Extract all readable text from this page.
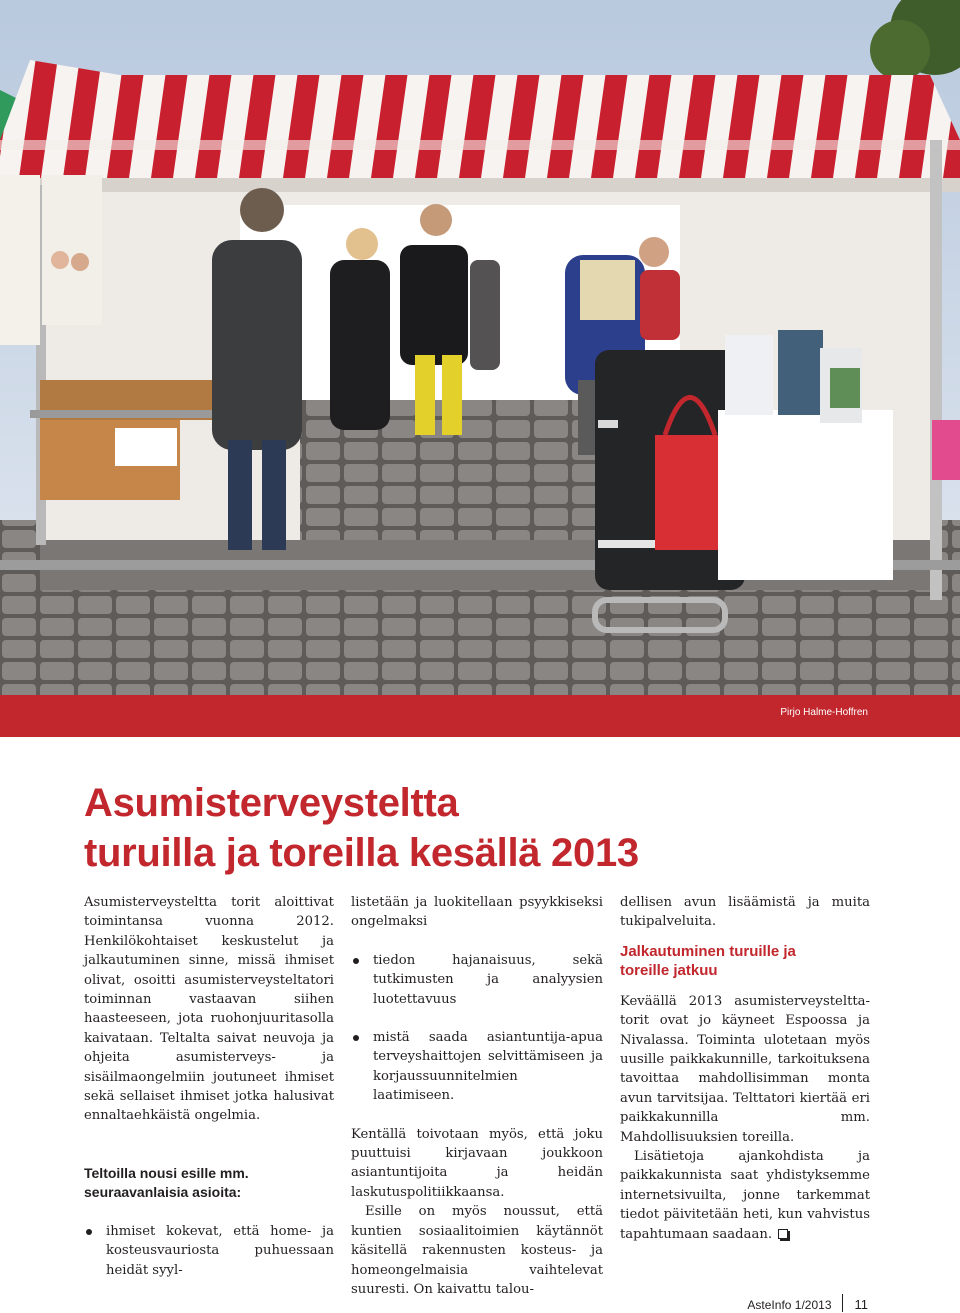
Pirjo Halme-Hoffren
Asumisterveysteltta
turuilla ja toreilla kesällä 2013

Asumisterveysteltta torit aloittivat toimintansa vuonna 2012. Henkilökohtaiset keskustelut ja jalkautuminen sinne, missä ihmiset olivat, osoitti asumisterveysteltatori toiminnan vastaavan siihen haasteeseen, jota ruohonjuuritasolla kaivataan. Teltalta saivat neuvoja ja ohjeita asumisterveys- ja sisäilmaongelmiin joutuneet ihmiset sekä sellaiset ihmiset jotka halusivat ennaltaehkäistä ongelmia.

Teltoilla nousi esille mm.
seuraavanlaisia asioita:
ihmiset kokevat, että home- ja kosteusvauriosta puhuessaan heidät syyl-
listetään ja luokitellaan psyykkiseksi ongelmaksi
tiedon hajanaisuus, sekä tutkimusten ja analyysien luotettavuus
mistä saada asiantuntija-apua terveyshaittojen selvittämiseen ja korjaussuunnitelmien laatimiseen.

Kentällä toivotaan myös, että joku puuttuisi kirjavaan joukkoon asiantuntijoita ja heidän laskutuspolitiikkaansa.

Esille on myös noussut, että kuntien sosiaalitoimien käytännöt käsitellä rakennusten kosteus- ja homeongelmaisia vaihtelevat suuresti. On kaivattu talou-

dellisen avun lisäämistä ja muita tukipalveluita.

Jalkautuminen turuille ja
toreille jatkuu

Keväällä 2013 asumisterveystelttatorit ovat jo käyneet Espoossa ja Nivalassa. Toiminta ulotetaan myös uusille paikkakunnille, tarkoituksena tavoittaa mahdollisimman monta avun tarvitsijaa. Telttatori kiertää eri paikkakunnilla mm. Mahdollisuuksien toreilla.

Lisätietoja ajankohdista ja paikkakunnista saat yhdistyksemme internetsivuilta, jonne tarkemmat tiedot päivitetään heti, kun vahvistus tapahtumaan saadaan.

AsteInfo 1/2013 11
